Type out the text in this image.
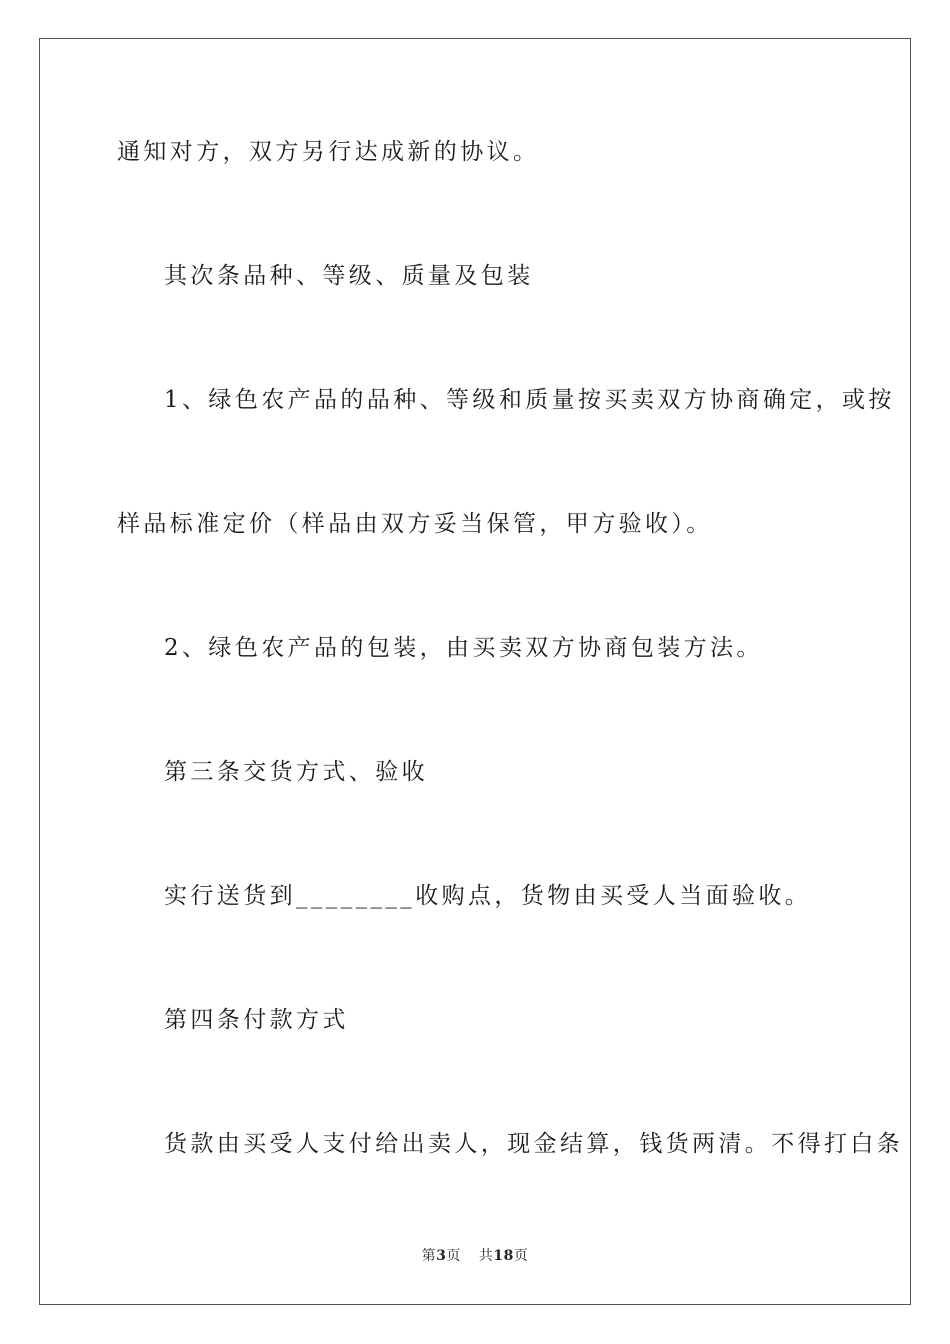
通知对方，双方另行达成新的协议。
其次条品种、等级、质量及包装
1、绿色农产品的品种、等级和质量按买卖双方协商确定，或按
样品标准定价（样品由双方妥当保管，甲方验收）。
2、绿色农产品的包装，由买卖双方协商包装方法。
第三条交货方式、验收
实行送货到________收购点，货物由买受人当面验收。
第四条付款方式
货款由买受人支付给出卖人，现金结算，钱货两清。不得打白条
第3页 共18页
